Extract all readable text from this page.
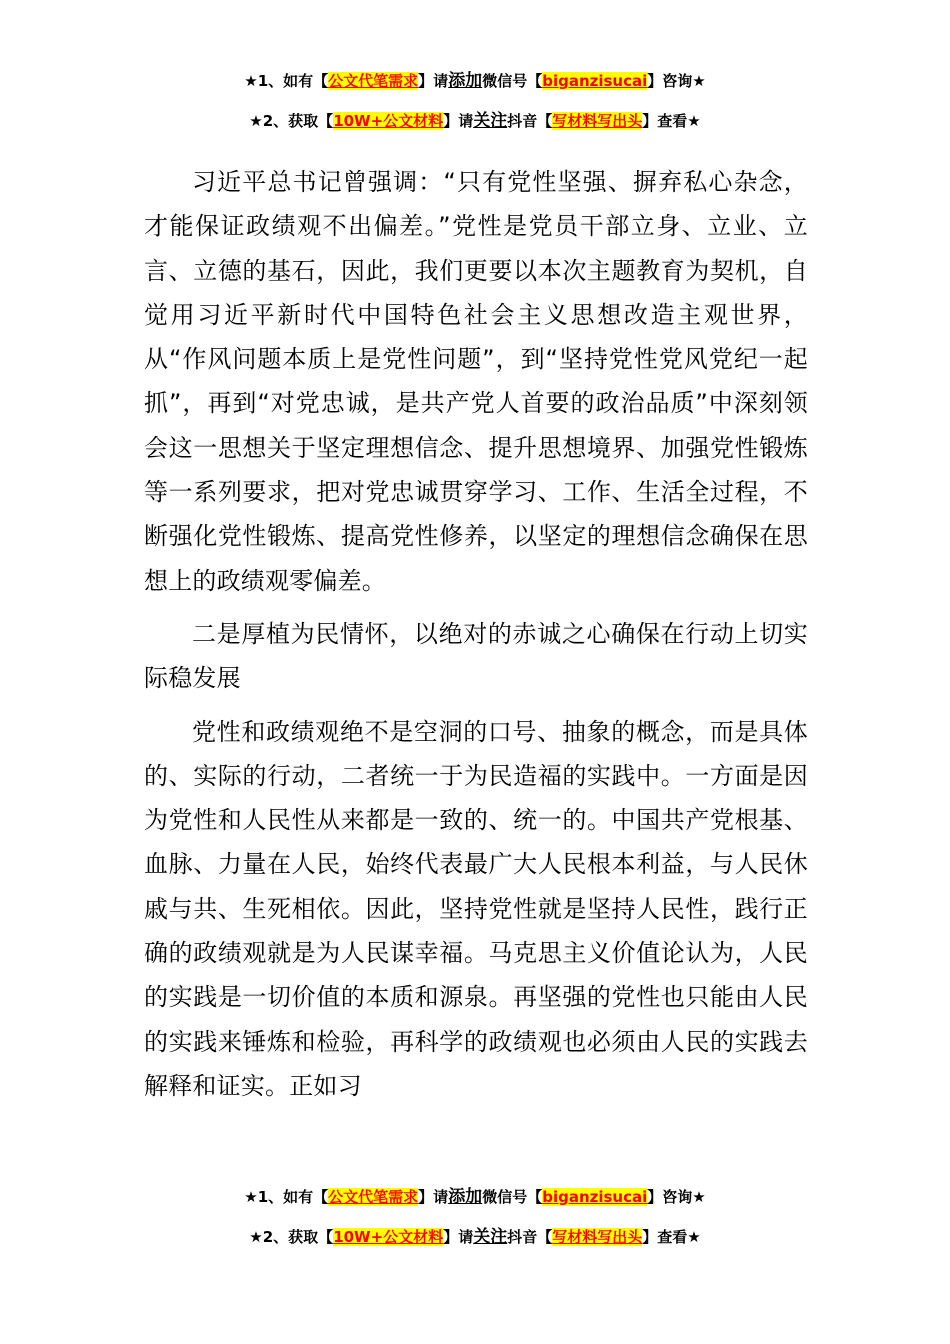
★1、如有【公文代笔需求】请添加微信号【biganzisucai】咨询★
★2、获取【10W+公文材料】请关注抖音【写材料写出头】查看★

习近平总书记曾强调：“只有党性坚强、摒弃私心杂念，才能保证政绩观不出偏差。”党性是党员干部立身、立业、立言、立德的基石，因此，我们更要以本次主题教育为契机，自觉用习近平新时代中国特色社会主义思想改造主观世界，从“作风问题本质上是党性问题”，到“坚持党性党风党纪一起抓”，再到“对党忠诚，是共产党人首要的政治品质”中深刻领会这一思想关于坚定理想信念、提升思想境界、加强党性锻炼等一系列要求，把对党忠诚贯穿学习、工作、生活全过程，不断强化党性锻炼、提高党性修养，以坚定的理想信念确保在思想上的政绩观零偏差。

二是厚植为民情怀，以绝对的赤诚之心确保在行动上切实际稳发展

党性和政绩观绝不是空洞的口号、抽象的概念，而是具体的、实际的行动，二者统一于为民造福的实践中。一方面是因为党性和人民性从来都是一致的、统一的。中国共产党根基、血脉、力量在人民，始终代表最广大人民根本利益，与人民休戚与共、生死相依。因此，坚持党性就是坚持人民性，践行正确的政绩观就是为人民谋幸福。马克思主义价值论认为，人民的实践是一切价值的本质和源泉。再坚强的党性也只能由人民的实践来锤炼和检验，再科学的政绩观也必须由人民的实践去解释和证实。正如习

★1、如有【公文代笔需求】请添加微信号【biganzisucai】咨询★
★2、获取【10W+公文材料】请关注抖音【写材料写出头】查看★
